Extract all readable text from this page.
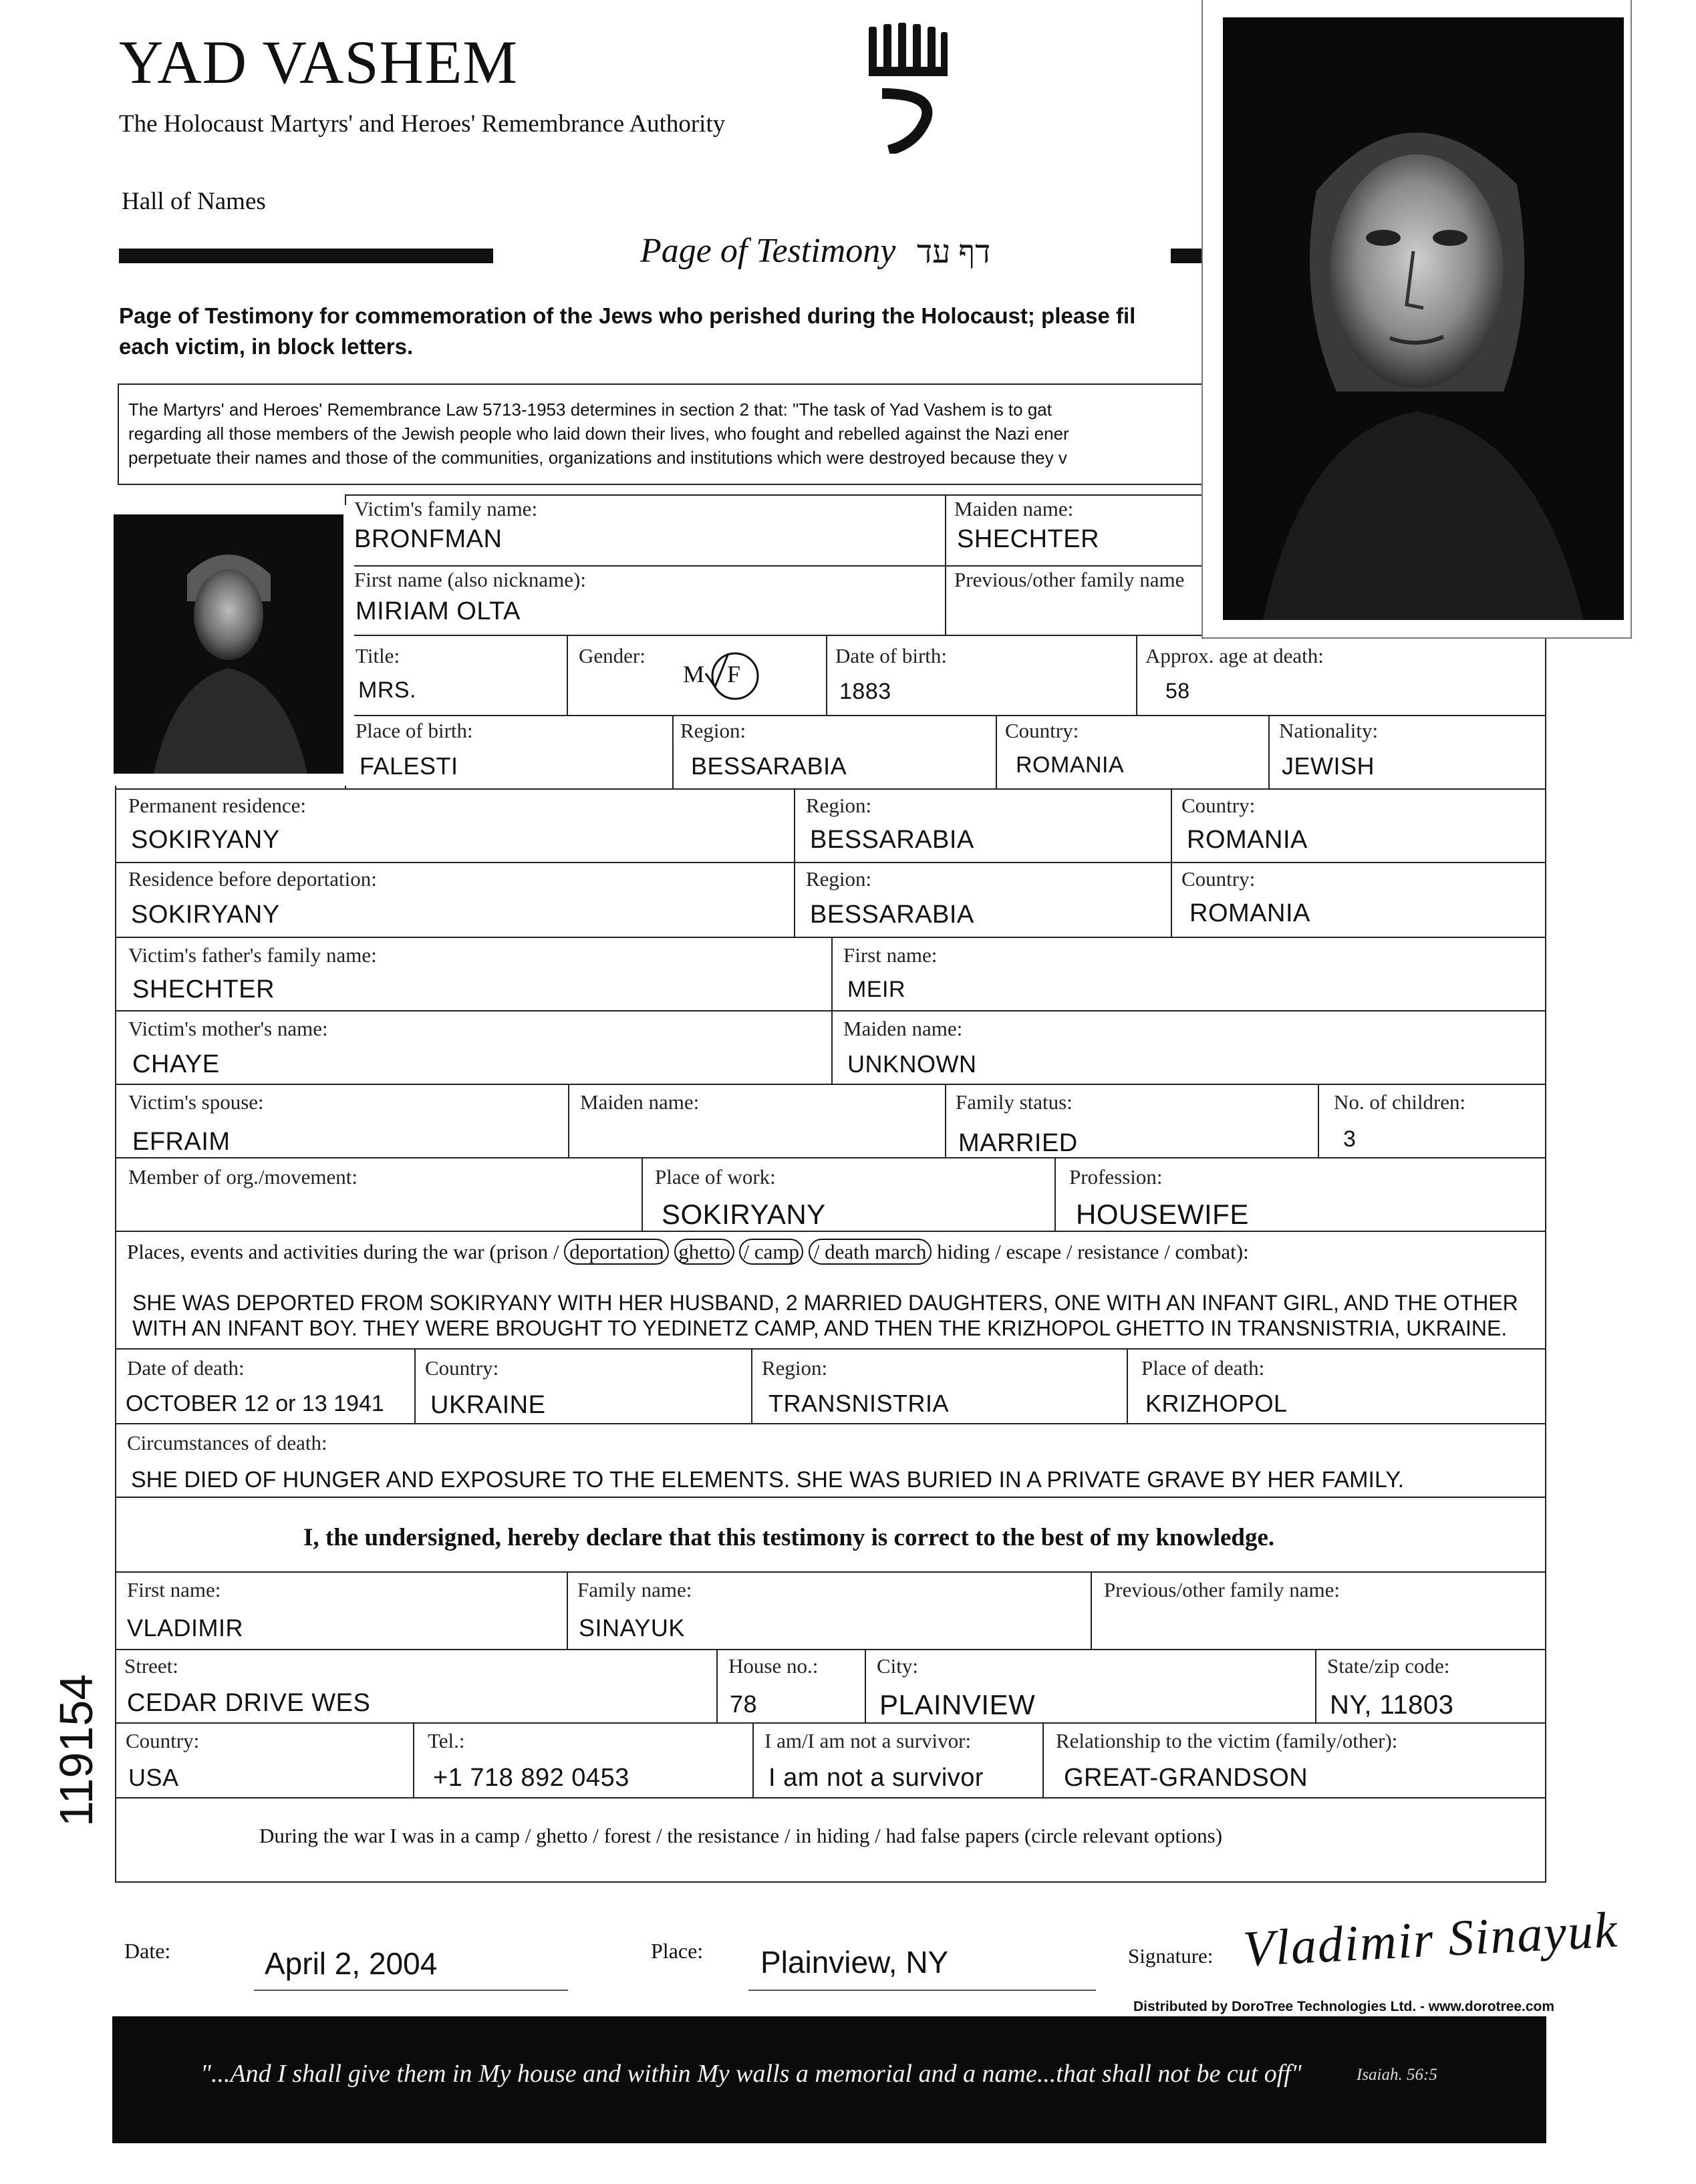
YAD VASHEM
The Holocaust Martyrs' and Heroes' Remembrance Authority
Hall of Names
Page of Testimony דף עד
Page of Testimony for commemoration of the Jews who perished during the Holocaust; please fil
each victim, in block letters.
The Martyrs' and Heroes' Remembrance Law 5713-1953 determines in section 2 that: "The task of Yad Vashem is to gat
regarding all those members of the Jewish people who laid down their lives, who fought and rebelled against the Nazi ener
perpetuate their names and those of the communities, organizations and institutions which were destroyed because they v
Victim's family name:
BRONFMAN
Maiden name:
SHECHTER
First name (also nickname):
MIRIAM OLTA
Previous/other family name
Title:
MRS.
Gender:
M F
Date of birth:
1883
Approx. age at death:
58
Place of birth:
FALESTI
Region:
BESSARABIA
Country:
ROMANIA
Nationality:
JEWISH
Permanent residence:
SOKIRYANY
Region:
BESSARABIA
Country:
ROMANIA
Residence before deportation:
SOKIRYANY
Region:
BESSARABIA
Country:
ROMANIA
Victim's father's family name:
SHECHTER
First name:
MEIR
Victim's mother's name:
CHAYE
Maiden name:
UNKNOWN
Victim's spouse:
EFRAIM
Maiden name:	Family status:
MARRIED
No. of children:
3
Member of org./movement:	Place of work:
SOKIRYANY
Profession:
HOUSEWIFE
Places, events and activities during the war (prison / deportation ghetto / camp / death march hiding / escape / resistance / combat):
SHE WAS DEPORTED FROM SOKIRYANY WITH HER HUSBAND, 2 MARRIED DAUGHTERS, ONE WITH AN INFANT GIRL, AND THE OTHER
WITH AN INFANT BOY. THEY WERE BROUGHT TO YEDINETZ CAMP, AND THEN THE KRIZHOPOL GHETTO IN TRANSNISTRIA, UKRAINE.
Date of death:
OCTOBER 12 or 13 1941
Country:
UKRAINE
Region:
TRANSNISTRIA
Place of death:
KRIZHOPOL
Circumstances of death:
SHE DIED OF HUNGER AND EXPOSURE TO THE ELEMENTS. SHE WAS BURIED IN A PRIVATE GRAVE BY HER FAMILY.
I, the undersigned, hereby declare that this testimony is correct to the best of my knowledge.
First name:
VLADIMIR
Family name:
SINAYUK
Previous/other family name:
Street:
CEDAR DRIVE WES
House no.:
78
City:
PLAINVIEW
State/zip code:
NY, 11803
Country:
USA
Tel.:
+1 718 892 0453
I am/I am not a survivor:
I am not a survivor
Relationship to the victim (family/other):
GREAT-GRANDSON
During the war I was in a camp / ghetto / forest / the resistance / in hiding / had false papers (circle relevant options)
Date:	April 2, 2004	Place: Plainview, NY	Signature: Vladimir Sinayuk
Distributed by DoroTree Technologies Ltd. - www.dorotree.com
"...And I shall give them in My house and within My walls a memorial and a name...that shall not be cut off"	Isaiah. 56:5
119154
